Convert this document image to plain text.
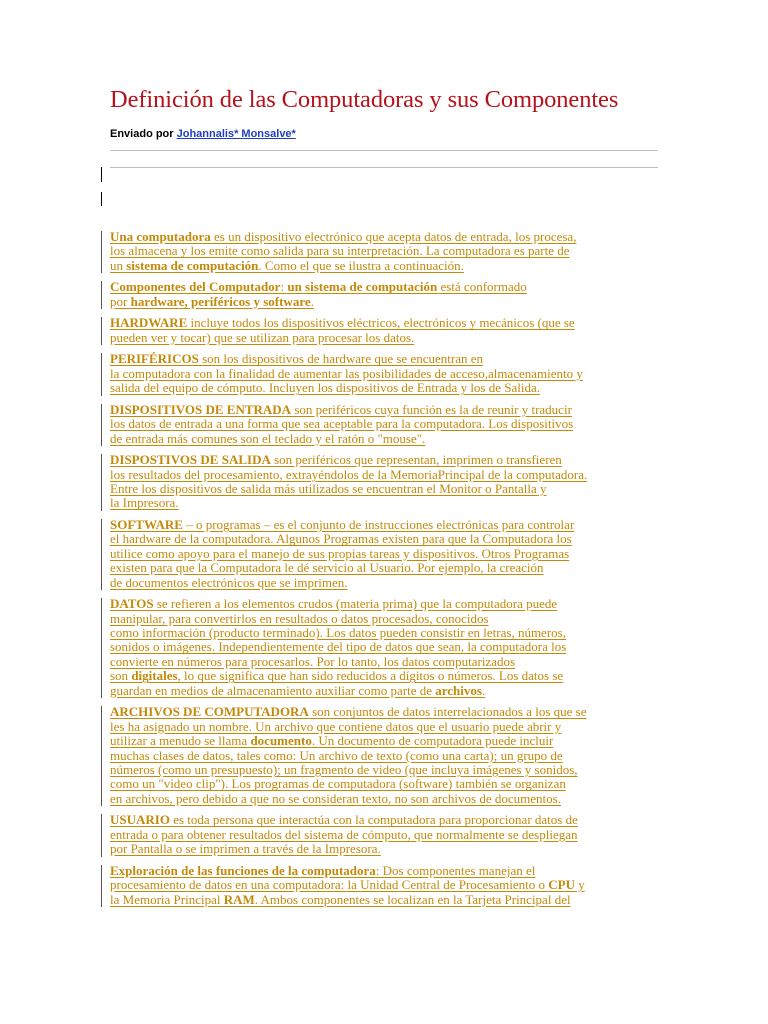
Definición de las Computadoras y sus Componentes
Enviado por Johannalis* Monsalve*

Una computadora es un dispositivo electrónico que acepta datos de entrada, los procesa,
los almacena y los emite como salida para su interpretación. La computadora es parte de
un sistema de computación. Como el que se ilustra a continuación.

Componentes del Computador: un sistema de computación está conformado
por hardware, periféricos y software.

HARDWARE incluye todos los dispositivos eléctricos, electrónicos y mecánicos (que se
pueden ver y tocar) que se utilizan para procesar los datos.

PERIFÉRICOS son los dispositivos de hardware que se encuentran en
la computadora con la finalidad de aumentar las posibilidades de acceso,almacenamiento y
salida del equipo de cómputo. Incluyen los dispositivos de Entrada y los de Salida.

DISPOSITIVOS DE ENTRADA son periféricos cuya función es la de reunir y traducir
los datos de entrada a una forma que sea aceptable para la computadora. Los dispositivos
de entrada más comunes son el teclado y el ratón o "mouse".

DISPOSTIVOS DE SALIDA son periféricos que representan, imprimen o transfieren
los resultados del procesamiento, extrayéndolos de la MemoriaPrincipal de la computadora.
Entre los dispositivos de salida más utilizados se encuentran el Monitor o Pantalla y
la Impresora.

SOFTWARE – o programas – es el conjunto de instrucciones electrónicas para controlar
el hardware de la computadora. Algunos Programas existen para que la Computadora los
utilice como apoyo para el manejo de sus propias tareas y dispositivos. Otros Programas
existen para que la Computadora le dé servicio al Usuario. Por ejemplo, la creación
de documentos electrónicos que se imprimen.

DATOS se refieren a los elementos crudos (materia prima) que la computadora puede
manipular, para convertirlos en resultados o datos procesados, conocidos
como información (producto terminado). Los datos pueden consistir en letras, números,
sonidos o imágenes. Independientemente del tipo de datos que sean, la computadora los
convierte en números para procesarlos. Por lo tanto, los datos computarizados
son digitales, lo que significa que han sido reducidos a dígitos o números. Los datos se
guardan en medios de almacenamiento auxiliar como parte de archivos.

ARCHIVOS DE COMPUTADORA son conjuntos de datos interrelacionados a los que se
les ha asignado un nombre. Un archivo que contiene datos que el usuario puede abrir y
utilizar a menudo se llama documento. Un documento de computadora puede incluir
muchas clases de datos, tales como: Un archivo de texto (como una carta); un grupo de
números (como un presupuesto); un fragmento de video (que incluya imágenes y sonidos,
como un "video clip"). Los programas de computadora (software) también se organizan
en archivos, pero debido a que no se consideran texto, no son archivos de documentos.

USUARIO es toda persona que interactúa con la computadora para proporcionar datos de
entrada o para obtener resultados del sistema de cómputo, que normalmente se despliegan
por Pantalla o se imprimen a través de la Impresora.

Exploración de las funciones de la computadora: Dos componentes manejan el
procesamiento de datos en una computadora: la Unidad Central de Procesamiento o CPU y
la Memoria Principal RAM. Ambos componentes se localizan en la Tarjeta Principal del
